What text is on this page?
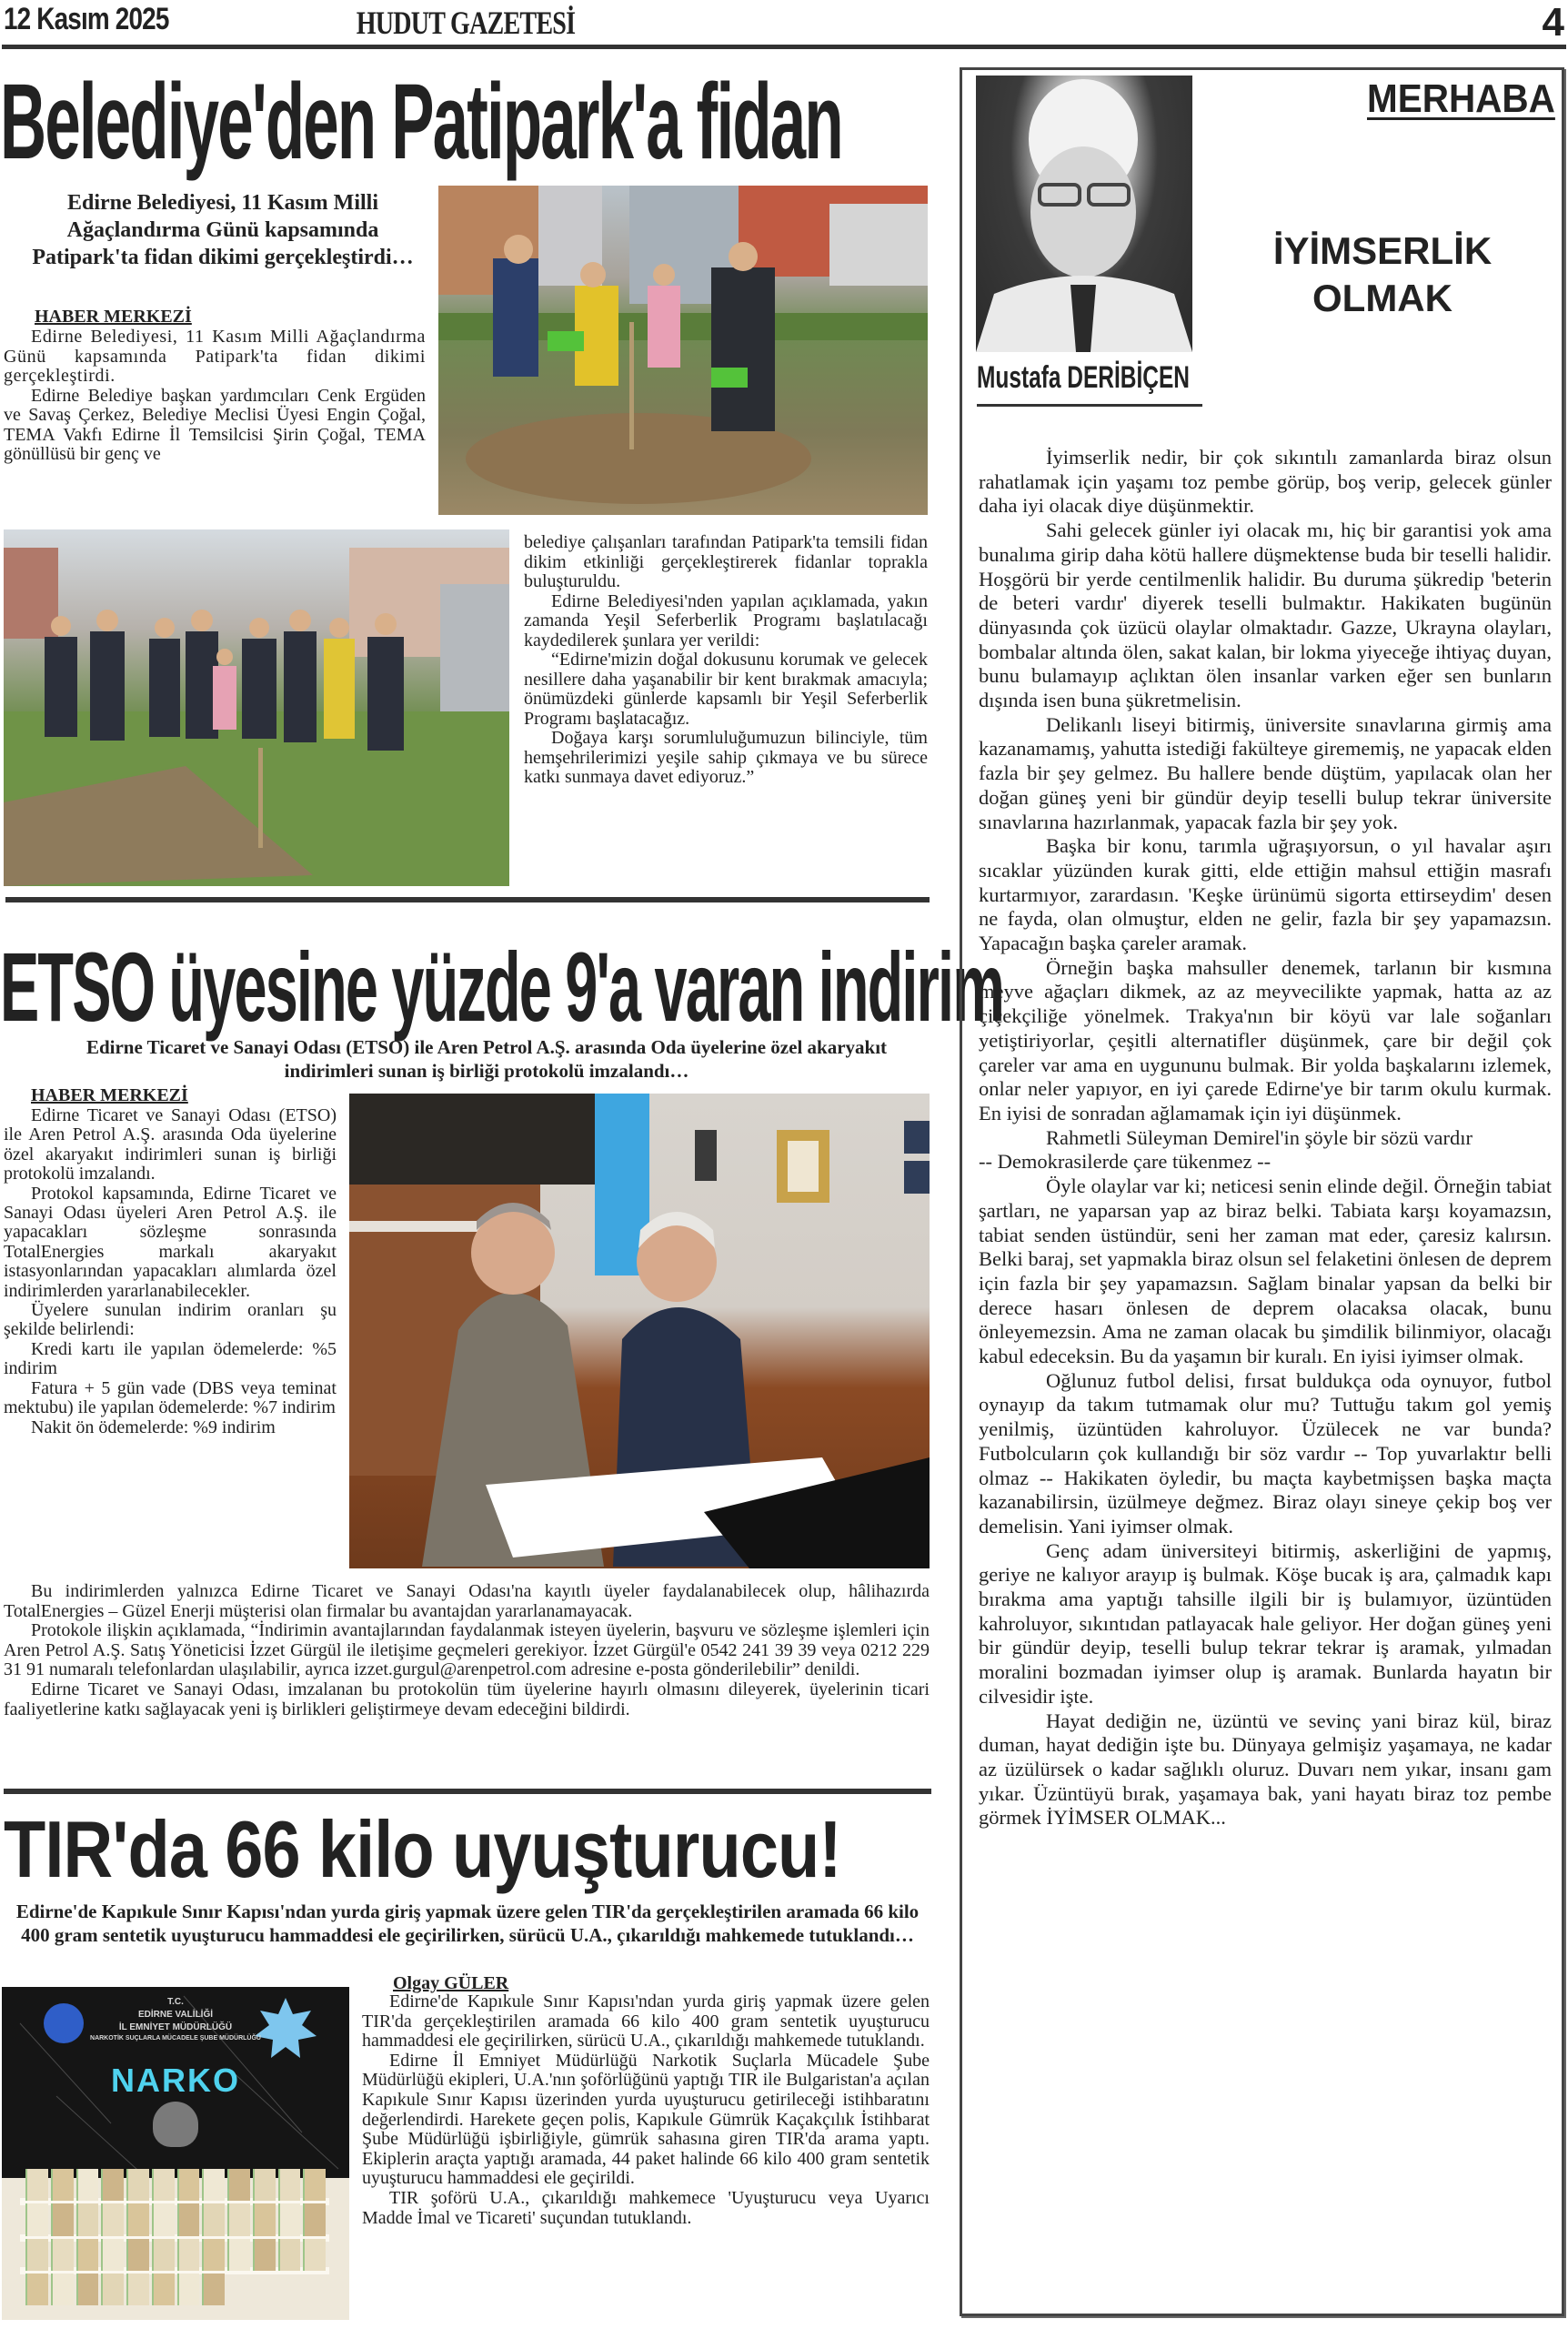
12 Kasım 2025	HUDUT GAZETESİ	4
Belediye'den Patipark'a fidan
Edirne Belediyesi, 11 Kasım Milli Ağaçlandırma Günü kapsamında Patipark'ta fidan dikimi gerçekleştirdi…
HABER MERKEZİ

Edirne Belediyesi, 11 Kasım Milli Ağaçlandırma Günü kapsamında Patipark'ta fidan dikimi gerçekleştirdi.

Edirne Belediye başkan yardımcıları Cenk Ergüden ve Savaş Çerkez, Belediye Meclisi Üyesi Engin Çoğal, TEMA Vakfı Edirne İl Temsilcisi Şirin Çoğal, TEMA gönüllüsü bir genç ve

belediye çalışanları tarafından Patipark'ta temsili fidan dikim etkinliği gerçekleştirerek fidanlar toprakla buluşturuldu.

Edirne Belediyesi'nden yapılan açıklamada, yakın zamanda Yeşil Seferberlik Programı başlatılacağı kaydedilerek şunlara yer verildi:

“Edirne'mizin doğal dokusunu korumak ve gelecek nesillere daha yaşanabilir bir kent bırakmak amacıyla; önümüzdeki günlerde kapsamlı bir Yeşil Seferberlik Programı başlatacağız.

Doğaya karşı sorumluluğumuzun bilinciyle, tüm hemşehrilerimizi yeşile sahip çıkmaya ve bu sürece katkı sunmaya davet ediyoruz.”

ETSO üyesine yüzde 9'a varan indirim
Edirne Ticaret ve Sanayi Odası (ETSO) ile Aren Petrol A.Ş. arasında Oda üyelerine özel akaryakıt indirimleri sunan iş birliği protokolü imzalandı…
HABER MERKEZİ

Edirne Ticaret ve Sanayi Odası (ETSO) ile Aren Petrol A.Ş. arasında Oda üyelerine özel akaryakıt indirimleri sunan iş birliği protokolü imzalandı.

Protokol kapsamında, Edirne Ticaret ve Sanayi Odası üyeleri Aren Petrol A.Ş. ile yapacakları sözleşme sonrasında TotalEnergies markalı akaryakıt istasyonlarından yapacakları alımlarda özel indirimlerden yararlanabilecekler.

Üyelere sunulan indirim oranları şu şekilde belirlendi:

Kredi kartı ile yapılan ödemelerde: %5 indirim

Fatura + 5 gün vade (DBS veya teminat mektubu) ile yapılan ödemelerde: %7 indirim

Nakit ön ödemelerde: %9 indirim

Bu indirimlerden yalnızca Edirne Ticaret ve Sanayi Odası'na kayıtlı üyeler faydalanabilecek olup, hâlihazırda TotalEnergies – Güzel Enerji müşterisi olan firmalar bu avantajdan yararlanamayacak.

Protokole ilişkin açıklamada, “İndirimin avantajlarından faydalanmak isteyen üyelerin, başvuru ve sözleşme işlemleri için Aren Petrol A.Ş. Satış Yöneticisi İzzet Gürgül ile iletişime geçmeleri gerekiyor. İzzet Gürgül'e 0542 241 39 39 veya 0212 229 31 91 numaralı telefonlardan ulaşılabilir, ayrıca izzet.gurgul@arenpetrol.com adresine e-posta gönderilebilir” denildi.

Edirne Ticaret ve Sanayi Odası, imzalanan bu protokolün tüm üyelerine hayırlı olmasını dileyerek, üyelerinin ticari faaliyetlerine katkı sağlayacak yeni iş birlikleri geliştirmeye devam edeceğini bildirdi.

TIR'da 66 kilo uyuşturucu!
Edirne'de Kapıkule Sınır Kapısı'ndan yurda giriş yapmak üzere gelen TIR'da gerçekleştirilen aramada 66 kilo 400 gram sentetik uyuşturucu hammaddesi ele geçirilirken, sürücü U.A., çıkarıldığı mahkemede tutuklandı…
Olgay GÜLER
T.C.
EDİRNE VALİLİĞİ
İL EMNİYET MÜDÜRLÜĞÜ
NARKOTİK SUÇLARLA MÜCADELE ŞUBE MÜDÜRLÜĞÜ
NARKO

Edirne'de Kapıkule Sınır Kapısı'ndan yurda giriş yapmak üzere gelen TIR'da gerçekleştirilen aramada 66 kilo 400 gram sentetik uyuşturucu hammaddesi ele geçirilirken, sürücü U.A., çıkarıldığı mahkemede tutuklandı.

Edirne İl Emniyet Müdürlüğü Narkotik Suçlarla Mücadele Şube Müdürlüğü ekipleri, U.A.'nın şoförlüğünü yaptığı TIR ile Bulgaristan'a açılan Kapıkule Sınır Kapısı üzerinden yurda uyuşturucu getirileceği istihbaratını değerlendirdi. Harekete geçen polis, Kapıkule Gümrük Kaçakçılık İstihbarat Şube Müdürlüğü işbirliğiyle, gümrük sahasına giren TIR'da arama yaptı. Ekiplerin araçta yaptığı aramada, 44 paket halinde 66 kilo 400 gram sentetik uyuşturucu hammaddesi ele geçirildi.

TIR şoförü U.A., çıkarıldığı mahkemece 'Uyuşturucu veya Uyarıcı Madde İmal ve Ticareti' suçundan tutuklandı.

Mustafa DERİBİÇEN
MERHABA
İYİMSERLİK
OLMAK

İyimserlik nedir, bir çok sıkıntılı zamanlarda biraz olsun rahatlamak için yaşamı toz pembe görüp, boş verip, gelecek günler daha iyi olacak diye düşünmektir.

Sahi gelecek günler iyi olacak mı, hiç bir garantisi yok ama bunalıma girip daha kötü hallere düşmektense buda bir teselli halidir. Hoşgörü bir yerde centilmenlik halidir. Bu duruma şükredip 'beterin de beteri vardır' diyerek teselli bulmaktır. Hakikaten bugünün dünyasında çok üzücü olaylar olmaktadır. Gazze, Ukrayna olayları, bombalar altında ölen, sakat kalan, bir lokma yiyeceğe ihtiyaç duyan, bunu bulamayıp açlıktan ölen insanlar varken eğer sen bunların dışında isen buna şükretmelisin.

Delikanlı liseyi bitirmiş, üniversite sınavlarına girmiş ama kazanamamış, yahutta istediği fakülteye girememiş, ne yapacak elden fazla bir şey gelmez. Bu hallere bende düştüm, yapılacak olan her doğan güneş yeni bir gündür deyip teselli bulup tekrar üniversite sınavlarına hazırlanmak, yapacak fazla bir şey yok.

Başka bir konu, tarımla uğraşıyorsun, o yıl havalar aşırı sıcaklar yüzünden kurak gitti, elde ettiğin mahsul ettiğin masrafı kurtarmıyor, zarardasın. 'Keşke ürünümü sigorta ettirseydim' desen ne fayda, olan olmuştur, elden ne gelir, fazla bir şey yapamazsın. Yapacağın başka çareler aramak.

Örneğin başka mahsuller denemek, tarlanın bir kısmına meyve ağaçları dikmek, az az meyvecilikte yapmak, hatta az az çiçekçiliğe yönelmek. Trakya'nın bir köyü var lale soğanları yetiştiriyorlar, çeşitli alternatifler düşünmek, çare bir değil çok çareler var ama en uygununu bulmak. Bir yolda başkalarını izlemek, onlar neler yapıyor, en iyi çarede Edirne'ye bir tarım okulu kurmak. En iyisi de sonradan ağlamamak için iyi düşünmek.

Rahmetli Süleyman Demirel'in şöyle bir sözü vardır

-- Demokrasilerde çare tükenmez --

Öyle olaylar var ki; neticesi senin elinde değil. Örneğin tabiat şartları, ne yaparsan yap az biraz belki. Tabiata karşı koyamazsın, tabiat senden üstündür, seni her zaman mat eder, çaresiz kalırsın. Belki baraj, set yapmakla biraz olsun sel felaketini önlesen de deprem için fazla bir şey yapamazsın. Sağlam binalar yapsan da belki bir derece hasarı önlesen de deprem olacaksa olacak, bunu önleyemezsin. Ama ne zaman olacak bu şimdilik bilinmiyor, olacağı kabul edeceksin. Bu da yaşamın bir kuralı. En iyisi iyimser olmak.

Oğlunuz futbol delisi, fırsat buldukça oda oynuyor, futbol oynayıp da takım tutmamak olur mu? Tuttuğu takım gol yemiş yenilmiş, üzüntüden kahroluyor. Üzülecek ne var bunda? Futbolcuların çok kullandığı bir söz vardır -- Top yuvarlaktır belli olmaz -- Hakikaten öyledir, bu maçta kaybetmişsen başka maçta kazanabilirsin, üzülmeye değmez. Biraz olayı sineye çekip boş ver demelisin. Yani iyimser olmak.

Genç adam üniversiteyi bitirmiş, askerliğini de yapmış, geriye ne kalıyor arayıp iş bulmak. Köşe bucak iş ara, çalmadık kapı bırakma ama yaptığı tahsille ilgili bir iş bulamıyor, üzüntüden kahroluyor, sıkıntıdan patlayacak hale geliyor. Her doğan güneş yeni bir gündür deyip, teselli bulup tekrar tekrar iş aramak, yılmadan moralini bozmadan iyimser olup iş aramak. Bunlarda hayatın bir cilvesidir işte.

Hayat dediğin ne, üzüntü ve sevinç yani biraz kül, biraz duman, hayat dediğin işte bu. Dünyaya gelmişiz yaşamaya, ne kadar az üzülürsek o kadar sağlıklı oluruz. Duvarı nem yıkar, insanı gam yıkar. Üzüntüyü bırak, yaşamaya bak, yani hayatı biraz toz pembe görmek İYİMSER OLMAK...
